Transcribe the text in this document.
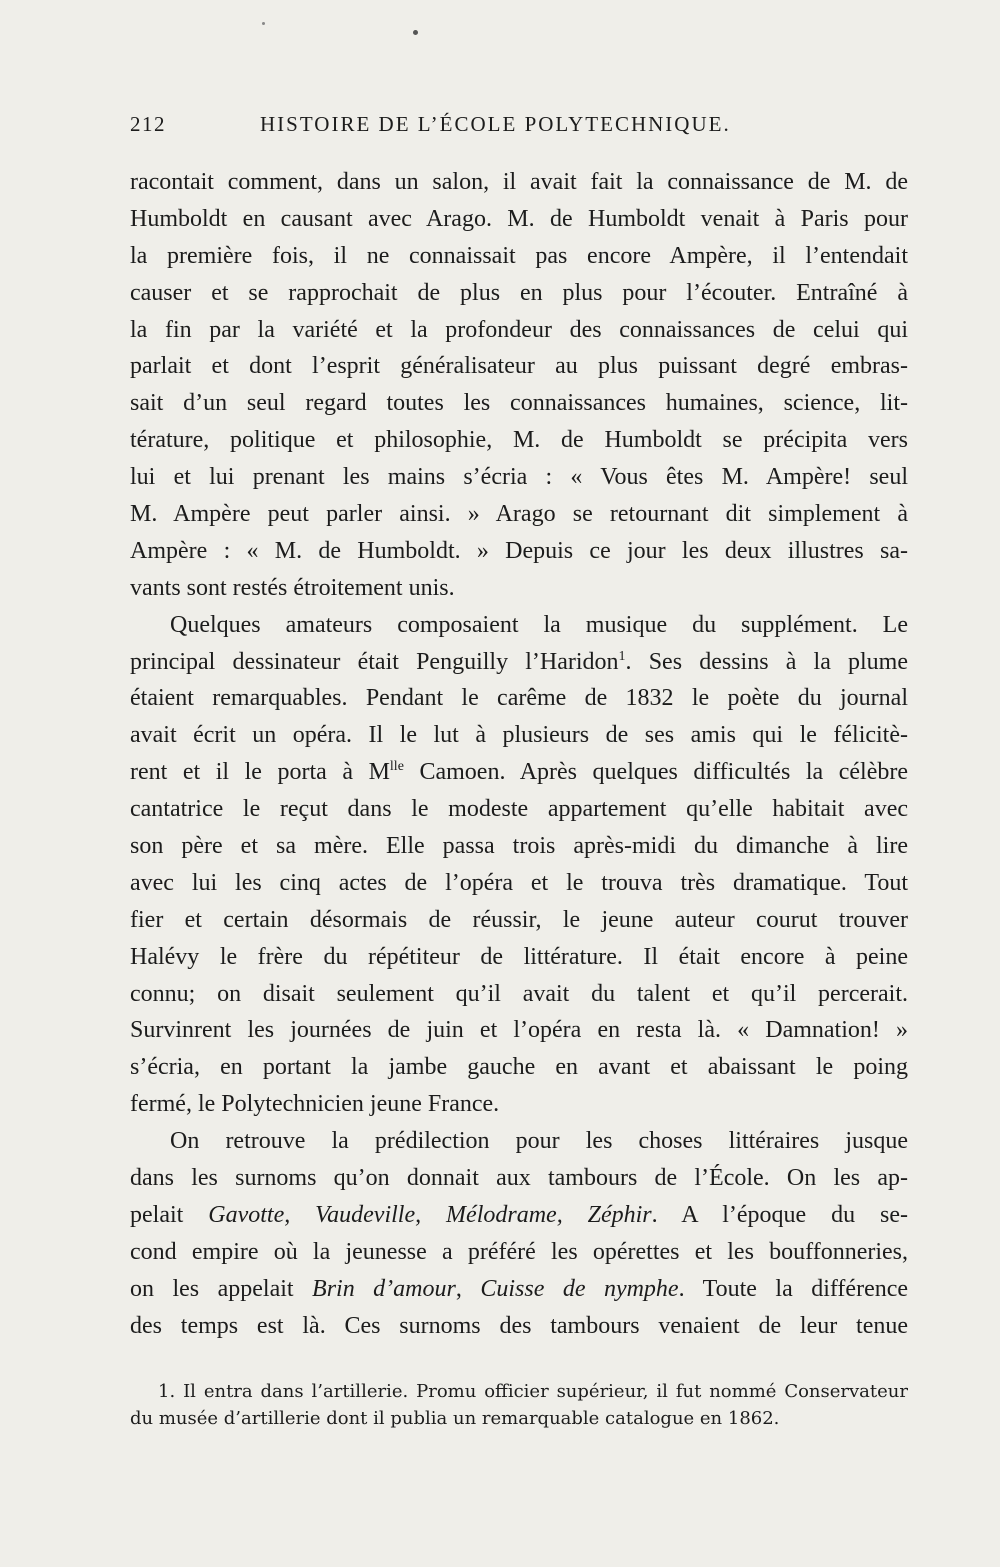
212	HISTOIRE DE L’ÉCOLE POLYTECHNIQUE.
racontait comment, dans un salon, il avait fait la connaissance de M. de
Humboldt en causant avec Arago. M. de Humboldt venait à Paris pour
la première fois, il ne connaissait pas encore Ampère, il l’entendait
causer et se rapprochait de plus en plus pour l’écouter. Entraîné à
la fin par la variété et la profondeur des connaissances de celui qui
parlait et dont l’esprit généralisateur au plus puissant degré embras-
sait d’un seul regard toutes les connaissances humaines, science, lit-
térature, politique et philosophie, M. de Humboldt se précipita vers
lui et lui prenant les mains s’écria : « Vous êtes M. Ampère! seul
M. Ampère peut parler ainsi. » Arago se retournant dit simplement à
Ampère : « M. de Humboldt. » Depuis ce jour les deux illustres sa-
vants sont restés étroitement unis.
Quelques amateurs composaient la musique du supplément. Le
principal dessinateur était Penguilly l’Haridon$^1$. Ses dessins à la plume
étaient remarquables. Pendant le carême de 1832 le poète du journal
avait écrit un opéra. Il le lut à plusieurs de ses amis qui le félicitè-
rent et il le porta à $M^{lle}$ Camoen. Après quelques difficultés la célèbre
cantatrice le reçut dans le modeste appartement qu’elle habitait avec
son père et sa mère. Elle passa trois après-midi du dimanche à lire
avec lui les cinq actes de l’opéra et le trouva très dramatique. Tout
fier et certain désormais de réussir, le jeune auteur courut trouver
Halévy le frère du répétiteur de littérature. Il était encore à peine
connu; on disait seulement qu’il avait du talent et qu’il percerait.
Survinrent les journées de juin et l’opéra en resta là. « Damnation! »
s’écria, en portant la jambe gauche en avant et abaissant le poing
fermé, le Polytechnicien jeune France.
On retrouve la prédilection pour les choses littéraires jusque
dans les surnoms qu’on donnait aux tambours de l’École. On les ap-
pelait Gavotte, Vaudeville, Mélodrame, Zéphir. A l’époque du se-
cond empire où la jeunesse a préféré les opérettes et les bouffonneries,
on les appelait Brin d’amour, Cuisse de nymphe. Toute la différence
des temps est là. Ces surnoms des tambours venaient de leur tenue
1. Il entra dans l’artillerie. Promu officier supérieur, il fut nommé Conservateur
du musée d’artillerie dont il publia un remarquable catalogue en 1862.
